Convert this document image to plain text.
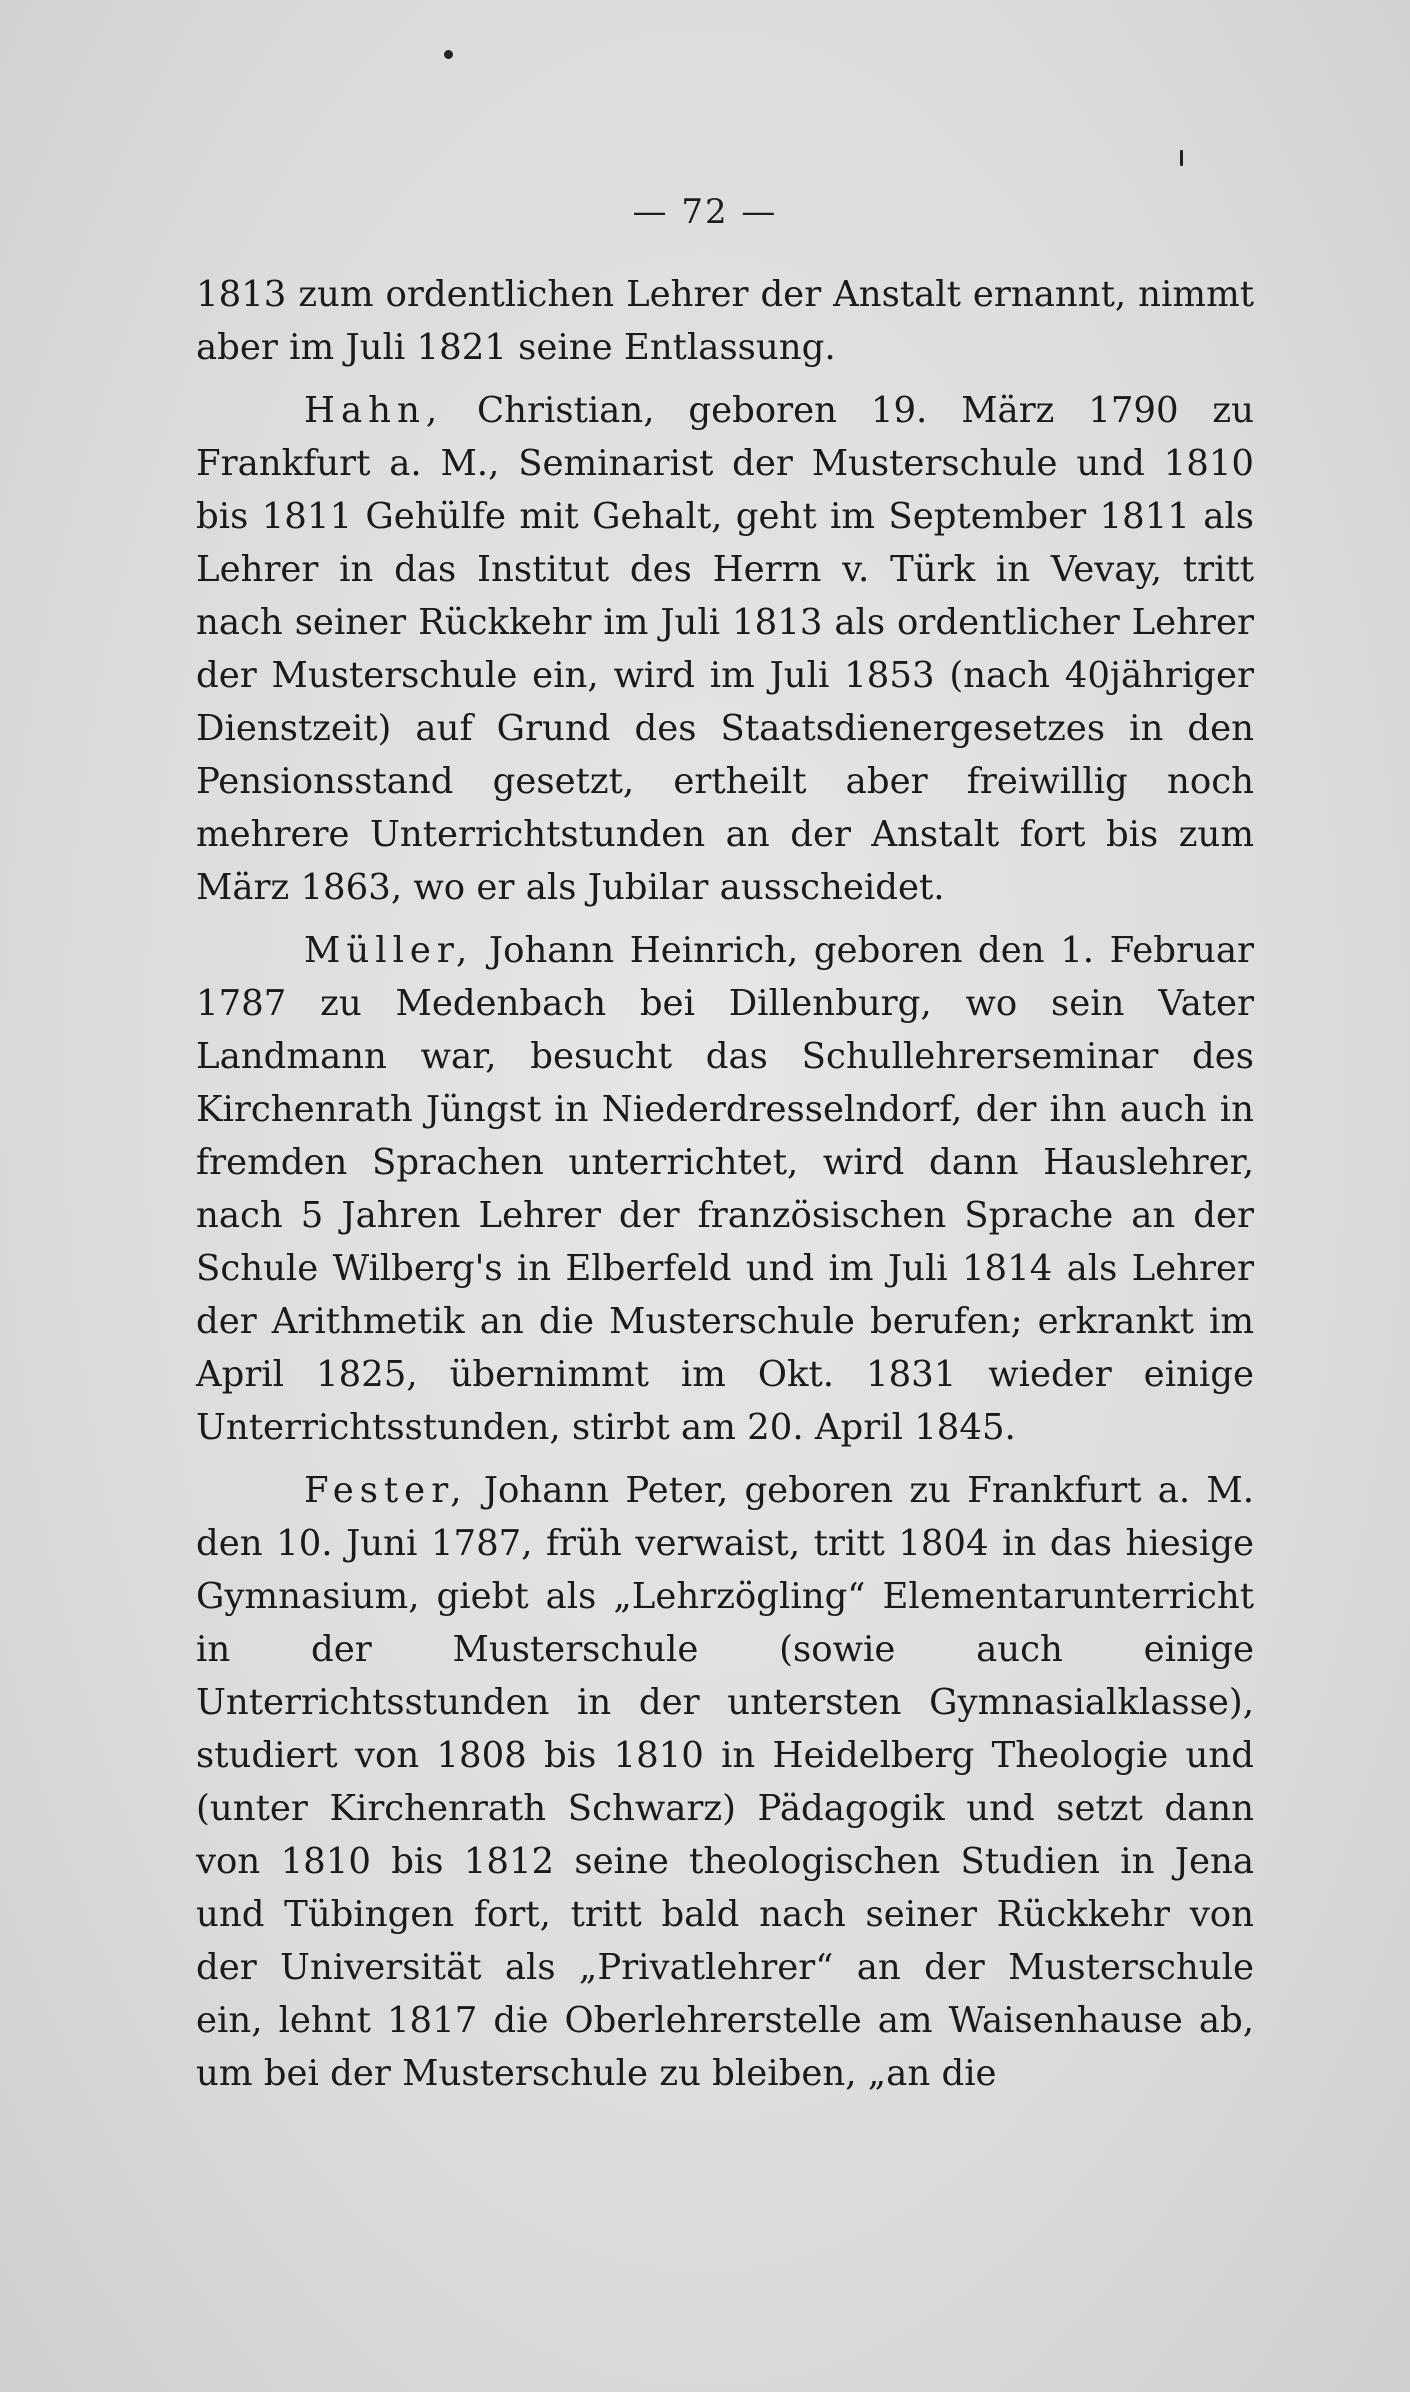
— 72 —

1813 zum ordentlichen Lehrer der Anstalt ernannt, nimmt aber im Juli 1821 seine Entlassung.

Hahn, Christian, geboren 19. März 1790 zu Frankfurt a. M., Seminarist der Musterschule und 1810 bis 1811 Gehülfe mit Gehalt, geht im September 1811 als Lehrer in das Institut des Herrn v. Türk in Vevay, tritt nach seiner Rückkehr im Juli 1813 als ordentlicher Lehrer der Musterschule ein, wird im Juli 1853 (nach 40jähriger Dienstzeit) auf Grund des Staatsdienergesetzes in den Pensionsstand gesetzt, ertheilt aber freiwillig noch mehrere Unterrichtstunden an der Anstalt fort bis zum März 1863, wo er als Jubilar ausscheidet.

Müller, Johann Heinrich, geboren den 1. Februar 1787 zu Medenbach bei Dillenburg, wo sein Vater Landmann war, besucht das Schullehrerseminar des Kirchenrath Jüngst in Niederdresselndorf, der ihn auch in fremden Sprachen unterrichtet, wird dann Hauslehrer, nach 5 Jahren Lehrer der französischen Sprache an der Schule Wilberg's in Elberfeld und im Juli 1814 als Lehrer der Arithmetik an die Musterschule berufen; erkrankt im April 1825, übernimmt im Okt. 1831 wieder einige Unterrichtsstunden, stirbt am 20. April 1845.

Fester, Johann Peter, geboren zu Frankfurt a. M. den 10. Juni 1787, früh verwaist, tritt 1804 in das hiesige Gymnasium, giebt als „Lehrzögling“ Elementarunterricht in der Musterschule (sowie auch einige Unterrichtsstunden in der untersten Gymnasialklasse), studiert von 1808 bis 1810 in Heidelberg Theologie und (unter Kirchenrath Schwarz) Pädagogik und setzt dann von 1810 bis 1812 seine theologischen Studien in Jena und Tübingen fort, tritt bald nach seiner Rückkehr von der Universität als „Privatlehrer“ an der Musterschule ein, lehnt 1817 die Oberlehrerstelle am Waisenhause ab, um bei der Musterschule zu bleiben, „an die
